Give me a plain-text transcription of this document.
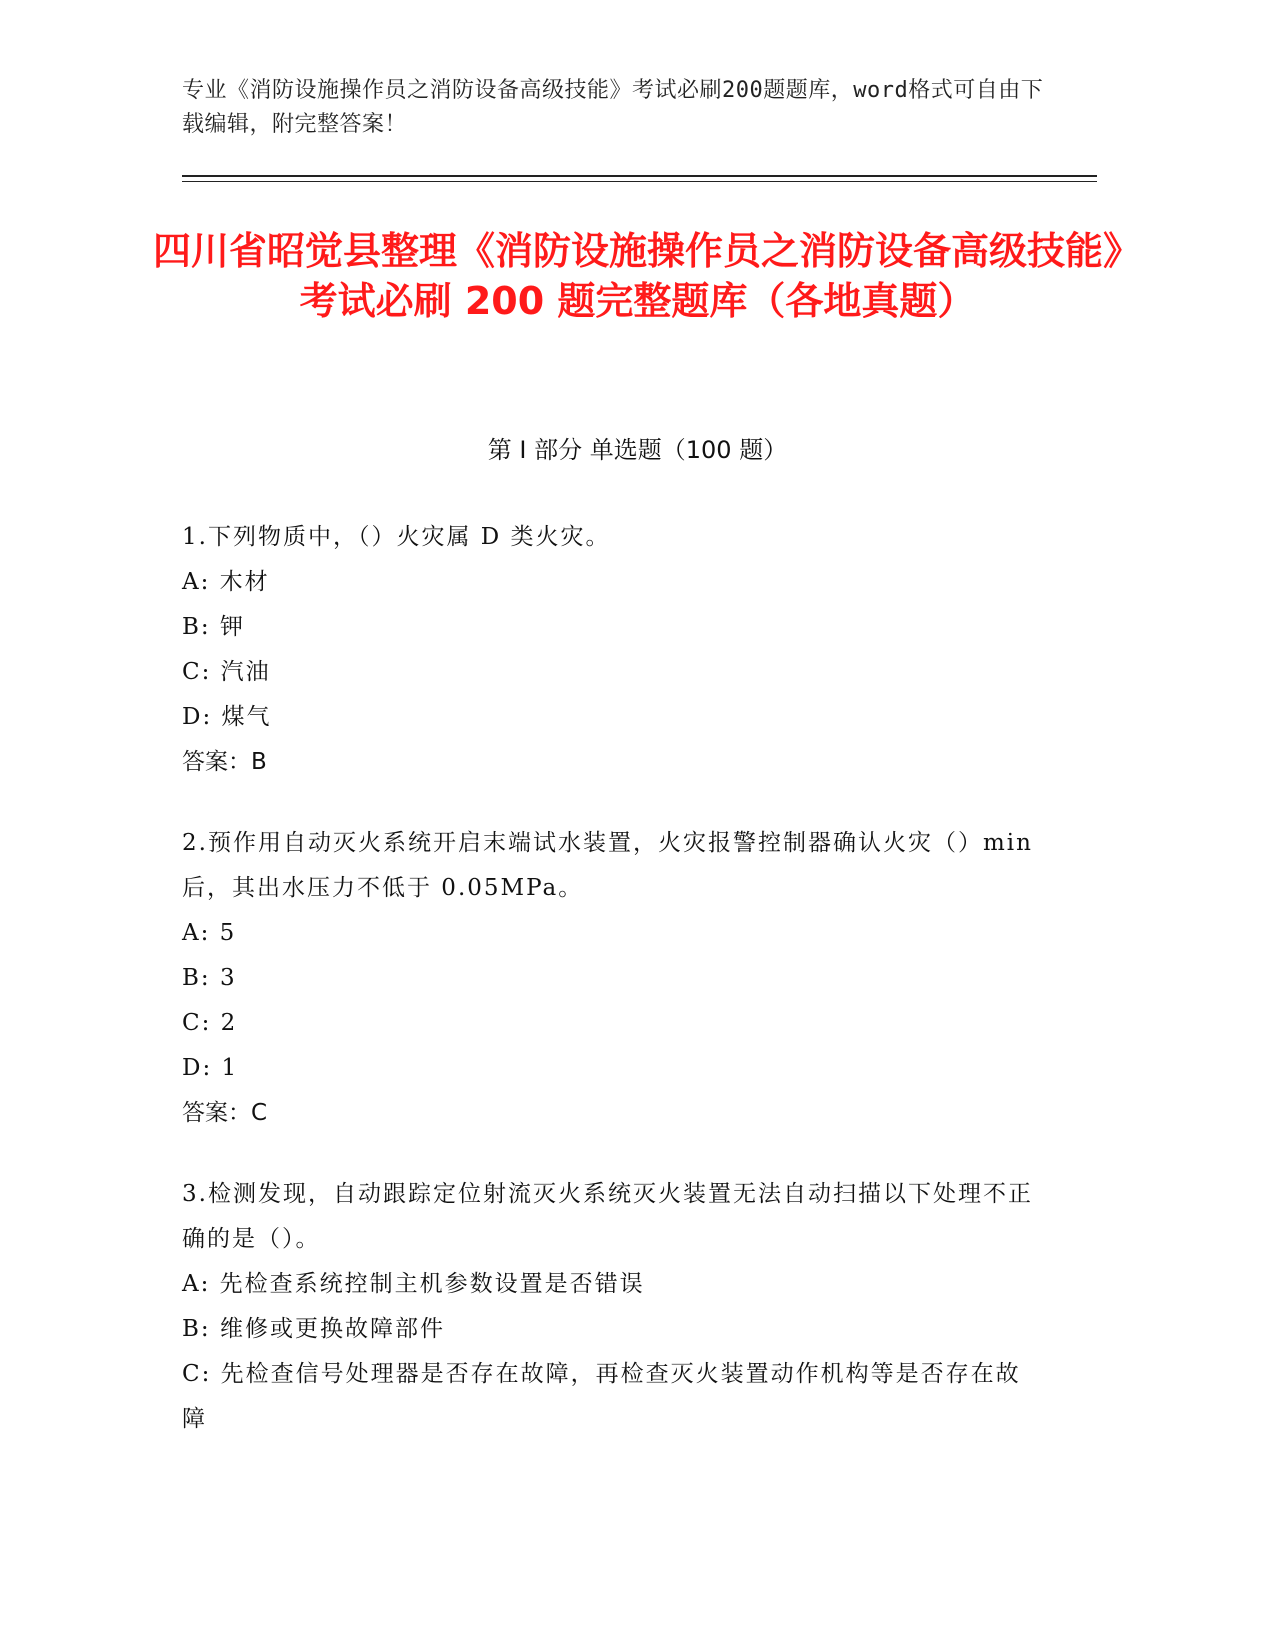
专业《消防设施操作员之消防设备高级技能》考试必刷200题题库，word格式可自由下载编辑，附完整答案！
四川省昭觉县整理《消防设施操作员之消防设备高级技能》考试必刷 200 题完整题库（各地真题）
第 I 部分 单选题（100 题）
1.下列物质中，（）火灾属 D 类火灾。
A: 木材
B: 钾
C: 汽油
D: 煤气
答案：B
2.预作用自动灭火系统开启末端试水装置，火灾报警控制器确认火灾（）min 后，其出水压力不低于 0.05MPa。
A: 5
B: 3
C: 2
D: 1
答案：C
3.检测发现，自动跟踪定位射流灭火系统灭火装置无法自动扫描以下处理不正确的是（）。
A: 先检查系统控制主机参数设置是否错误
B: 维修或更换故障部件
C: 先检查信号处理器是否存在故障，再检查灭火装置动作机构等是否存在故障
